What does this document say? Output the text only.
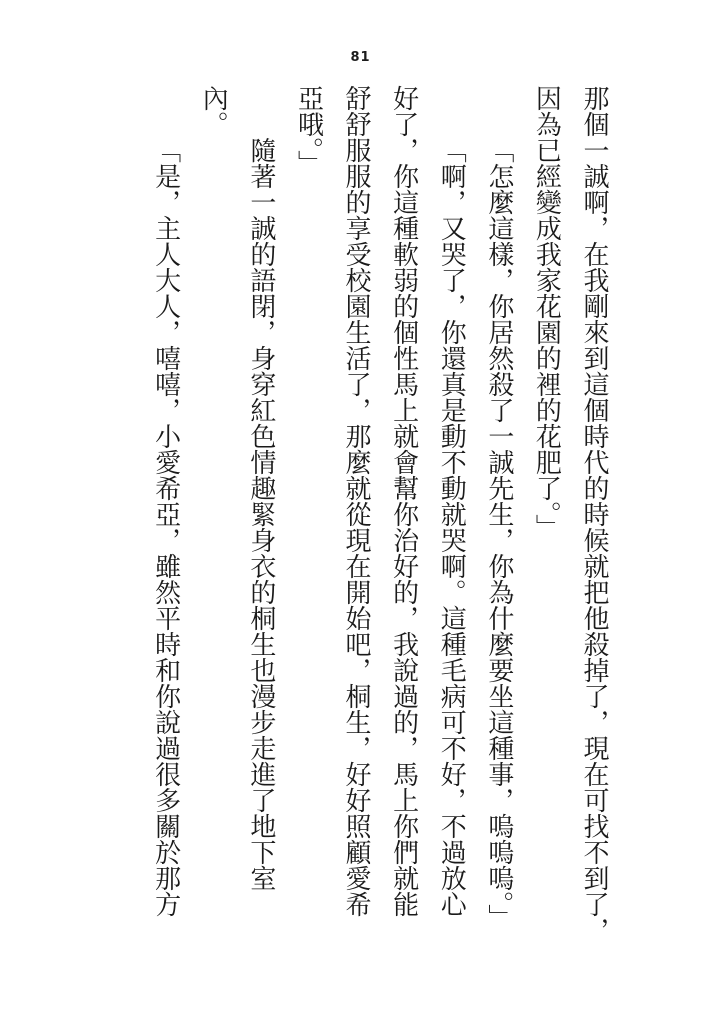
81
那個一誠啊，在我剛來到這個時代的時候就把他殺掉了，現在可找不到了，
因為已經變成我家花園的裡的花肥了。」
「怎麼這樣，你居然殺了一誠先生，你為什麼要坐這種事，嗚嗚嗚。」
「啊，又哭了，你還真是動不動就哭啊。這種毛病可不好，不過放心
好了，你這種軟弱的個性馬上就會幫你治好的，我說過的，馬上你們就能
舒舒服服的享受校園生活了，那麼就從現在開始吧，桐生，好好照顧愛希
亞哦。」
隨著一誠的語閉，身穿紅色情趣緊身衣的桐生也漫步走進了地下室
內。
「是，主人大人，嘻嘻，小愛希亞，雖然平時和你說過很多關於那方
